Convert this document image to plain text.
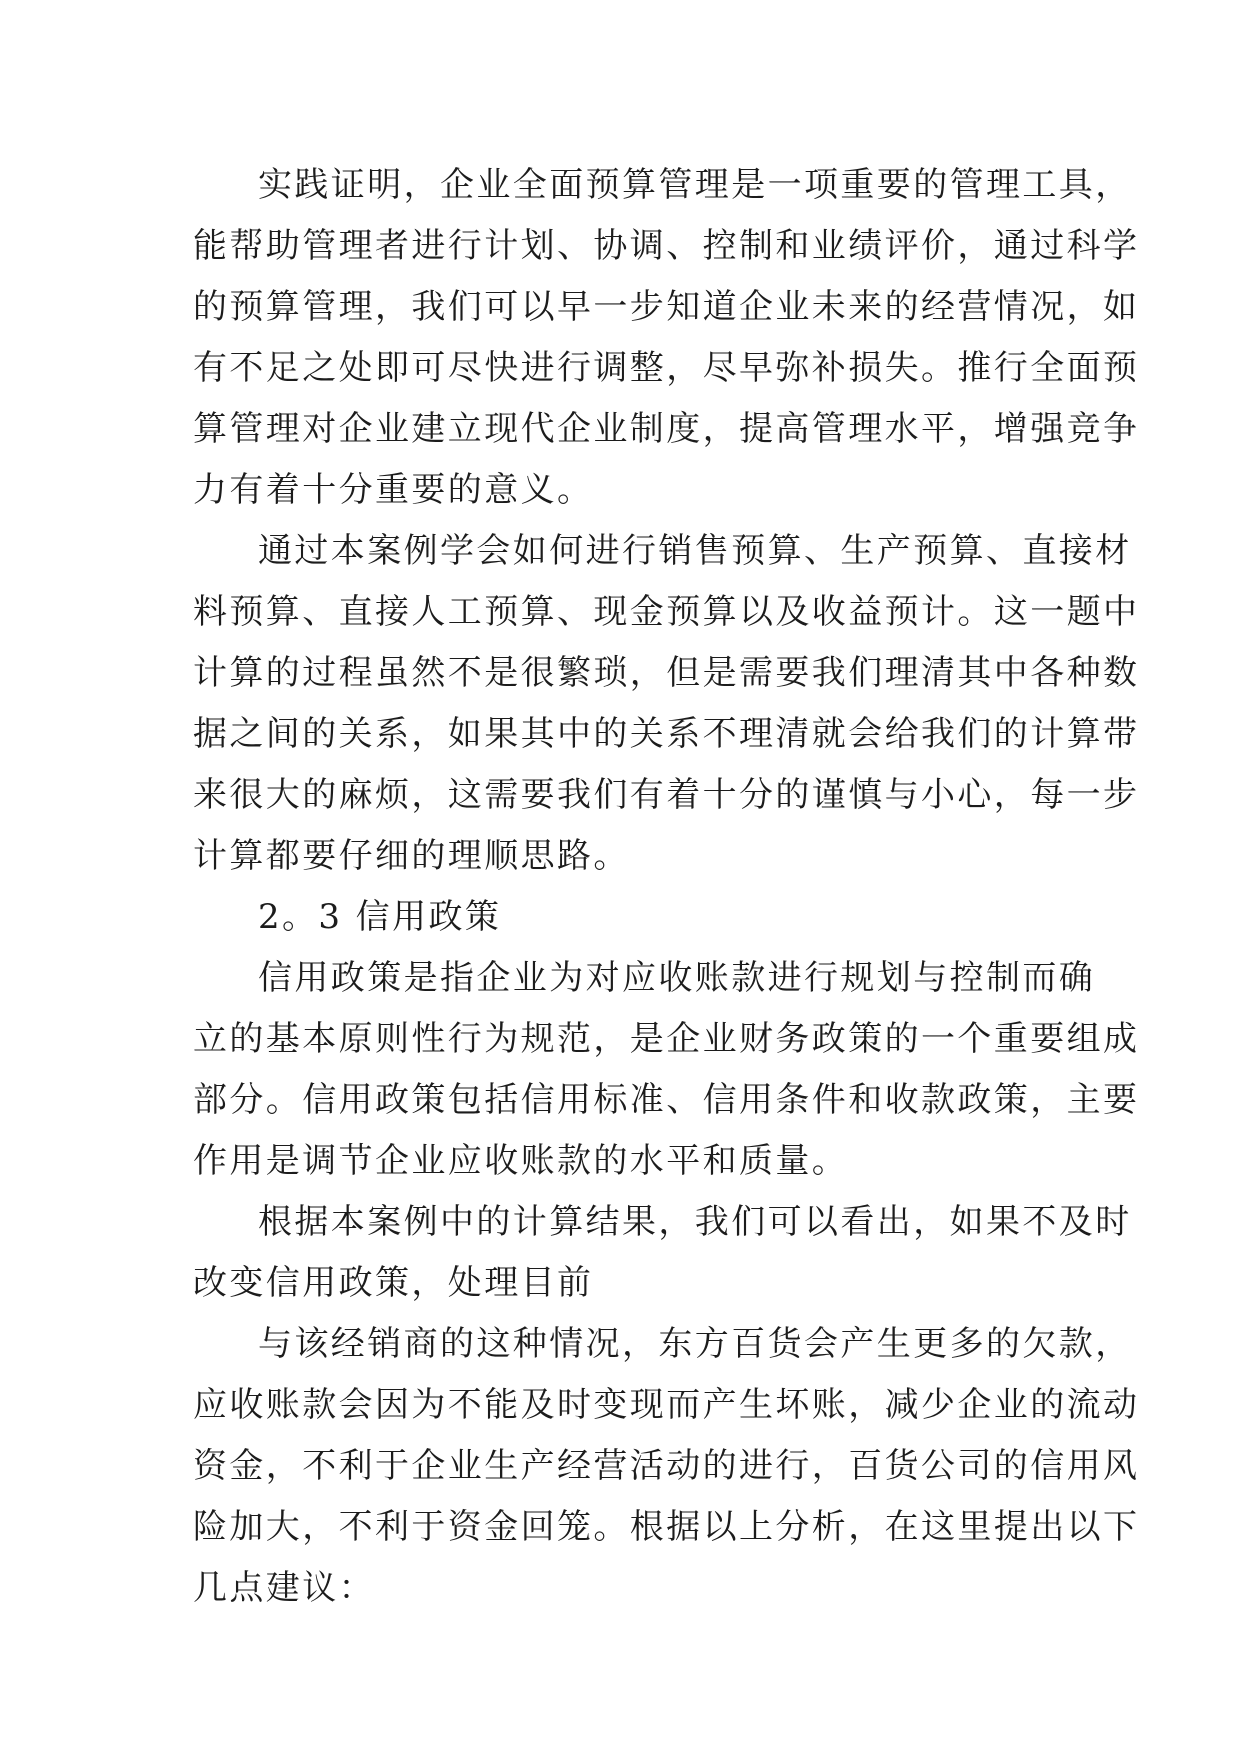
实践证明，企业全面预算管理是一项重要的管理工具，
能帮助管理者进行计划、协调、控制和业绩评价，通过科学
的预算管理，我们可以早一步知道企业未来的经营情况，如
有不足之处即可尽快进行调整，尽早弥补损失。推行全面预
算管理对企业建立现代企业制度，提高管理水平，增强竞争
力有着十分重要的意义。
通过本案例学会如何进行销售预算、生产预算、直接材
料预算、直接人工预算、现金预算以及收益预计。这一题中
计算的过程虽然不是很繁琐，但是需要我们理清其中各种数
据之间的关系，如果其中的关系不理清就会给我们的计算带
来很大的麻烦，这需要我们有着十分的谨慎与小心，每一步
计算都要仔细的理顺思路。
2。3 信用政策
信用政策是指企业为对应收账款进行规划与控制而确
立的基本原则性行为规范，是企业财务政策的一个重要组成
部分。信用政策包括信用标准、信用条件和收款政策，主要
作用是调节企业应收账款的水平和质量。
根据本案例中的计算结果，我们可以看出，如果不及时
改变信用政策，处理目前
与该经销商的这种情况，东方百货会产生更多的欠款，
应收账款会因为不能及时变现而产生坏账，减少企业的流动
资金，不利于企业生产经营活动的进行，百货公司的信用风
险加大，不利于资金回笼。根据以上分析，在这里提出以下
几点建议：
